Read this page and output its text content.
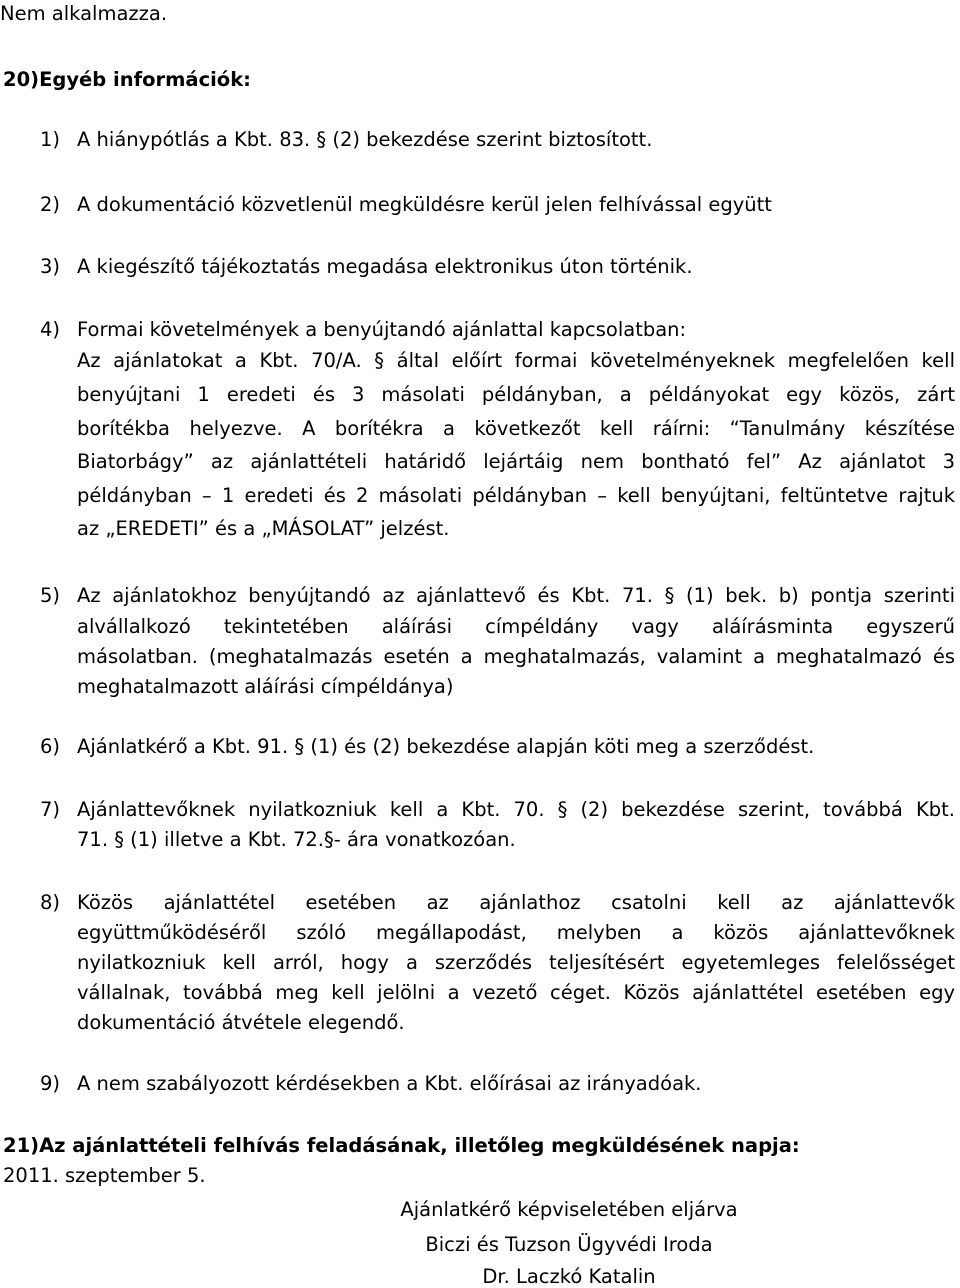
Nem alkalmazza.
20)Egyéb információk:
1) A hiánypótlás a Kbt. 83. § (2) bekezdése szerint biztosított.
2) A dokumentáció közvetlenül megküldésre kerül jelen felhívással együtt
3) A kiegészítő tájékoztatás megadása elektronikus úton történik.
4) Formai követelmények a benyújtandó ajánlattal kapcsolatban:
Az ajánlatokat a Kbt. 70/A. § által előírt formai követelményeknek megfelelően kell
benyújtani 1 eredeti és 3 másolati példányban, a példányokat egy közös, zárt
borítékba helyezve. A borítékra a következőt kell ráírni: “Tanulmány készítése
Biatorbágy” az ajánlattételi határidő lejártáig nem bontható fel” Az ajánlatot 3
példányban – 1 eredeti és 2 másolati példányban – kell benyújtani, feltüntetve rajtuk
az „EREDETI” és a „MÁSOLAT” jelzést.
5) Az ajánlatokhoz benyújtandó az ajánlattevő és Kbt. 71. § (1) bek. b) pontja szerinti
alvállalkozó tekintetében aláírási címpéldány vagy aláírásminta egyszerű
másolatban. (meghatalmazás esetén a meghatalmazás, valamint a meghatalmazó és
meghatalmazott aláírási címpéldánya)
6) Ajánlatkérő a Kbt. 91. § (1) és (2) bekezdése alapján köti meg a szerződést.
7) Ajánlattevőknek nyilatkozniuk kell a Kbt. 70. § (2) bekezdése szerint, továbbá Kbt.
71. § (1) illetve a Kbt. 72.§- ára vonatkozóan.
8) Közös ajánlattétel esetében az ajánlathoz csatolni kell az ajánlattevők
együttműködéséről szóló megállapodást, melyben a közös ajánlattevőknek
nyilatkozniuk kell arról, hogy a szerződés teljesítésért egyetemleges felelősséget
vállalnak, továbbá meg kell jelölni a vezető céget. Közös ajánlattétel esetében egy
dokumentáció átvétele elegendő.
9) A nem szabályozott kérdésekben a Kbt. előírásai az irányadóak.
21)Az ajánlattételi felhívás feladásának, illetőleg megküldésének napja:
2011. szeptember 5.
Ajánlatkérő képviseletében eljárva
Biczi és Tuzson Ügyvédi Iroda
Dr. Laczkó Katalin
